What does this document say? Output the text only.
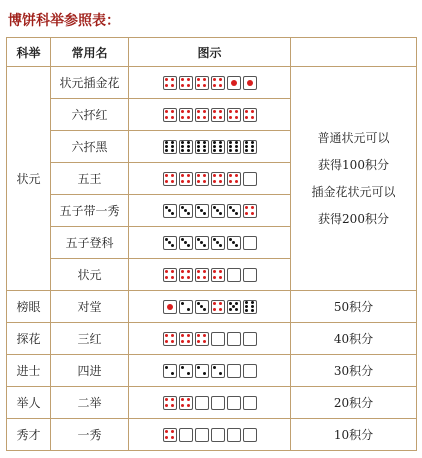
博饼科举参照表：
科举	常用名	图示	
状元	状元插金花		普通状元可以
获得100积分
插金花状元可以
获得200积分

	六抔红		

	六抔黑		

	五王		

	五子带一秀		

	五子登科		

	状元		

榜眼	对堂		50积分
探花	三红		40积分
进士	四进		30积分
举人	二举		20积分
秀才	一秀		10积分
